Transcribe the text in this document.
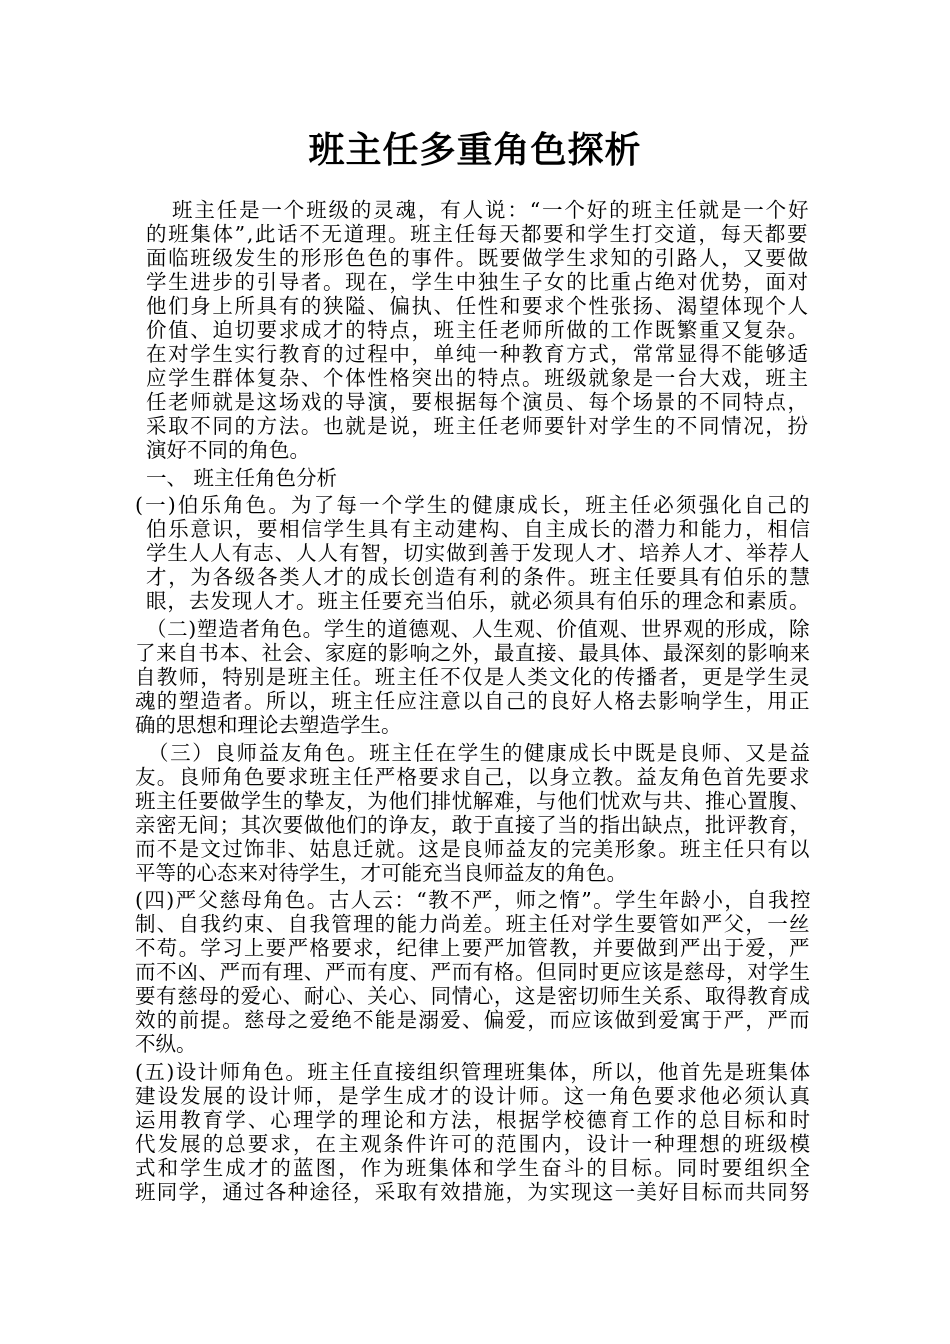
班主任多重角色探析
班主任是一个班级的灵魂，有人说：“一个好的班主任就是一个好
的班集体”,此话不无道理。班主任每天都要和学生打交道，每天都要
面临班级发生的形形色色的事件。既要做学生求知的引路人，又要做
学生进步的引导者。现在，学生中独生子女的比重占绝对优势，面对
他们身上所具有的狭隘、偏执、任性和要求个性张扬、渴望体现个人
价值、迫切要求成才的特点，班主任老师所做的工作既繁重又复杂。
在对学生实行教育的过程中，单纯一种教育方式，常常显得不能够适
应学生群体复杂、个体性格突出的特点。班级就象是一台大戏，班主
任老师就是这场戏的导演，要根据每个演员、每个场景的不同特点，
采取不同的方法。也就是说，班主任老师要针对学生的不同情况，扮
演好不同的角色。
一、 班主任角色分析
(一)伯乐角色。为了每一个学生的健康成长，班主任必须强化自己的
伯乐意识，要相信学生具有主动建构、自主成长的潜力和能力，相信
学生人人有志、人人有智，切实做到善于发现人才、培养人才、举荐人
才，为各级各类人才的成长创造有利的条件。班主任要具有伯乐的慧
眼，去发现人才。班主任要充当伯乐，就必须具有伯乐的理念和素质。
（二)塑造者角色。学生的道德观、人生观、价值观、世界观的形成，除
了来自书本、社会、家庭的影响之外，最直接、最具体、最深刻的影响来
自教师，特别是班主任。班主任不仅是人类文化的传播者，更是学生灵
魂的塑造者。所以，班主任应注意以自己的良好人格去影响学生，用正
确的思想和理论去塑造学生。
（三）良师益友角色。班主任在学生的健康成长中既是良师、又是益
友。良师角色要求班主任严格要求自己，以身立教。益友角色首先要求
班主任要做学生的挚友，为他们排忧解难，与他们忧欢与共、推心置腹、
亲密无间；其次要做他们的诤友，敢于直接了当的指出缺点，批评教育，
而不是文过饰非、姑息迁就。这是良师益友的完美形象。班主任只有以
平等的心态来对待学生，才可能充当良师益友的角色。
(四)严父慈母角色。古人云：“教不严，师之惰”。学生年龄小，自我控
制、自我约束、自我管理的能力尚差。班主任对学生要管如严父，一丝
不苟。学习上要严格要求，纪律上要严加管教，并要做到严出于爱，严
而不凶、严而有理、严而有度、严而有格。但同时更应该是慈母，对学生
要有慈母的爱心、耐心、关心、同情心，这是密切师生关系、取得教育成
效的前提。慈母之爱绝不能是溺爱、偏爱，而应该做到爱寓于严，严而
不纵。
(五)设计师角色。班主任直接组织管理班集体，所以，他首先是班集体
建设发展的设计师，是学生成才的设计师。这一角色要求他必须认真
运用教育学、心理学的理论和方法，根据学校德育工作的总目标和时
代发展的总要求，在主观条件许可的范围内，设计一种理想的班级模
式和学生成才的蓝图，作为班集体和学生奋斗的目标。同时要组织全
班同学，通过各种途径，采取有效措施，为实现这一美好目标而共同努
